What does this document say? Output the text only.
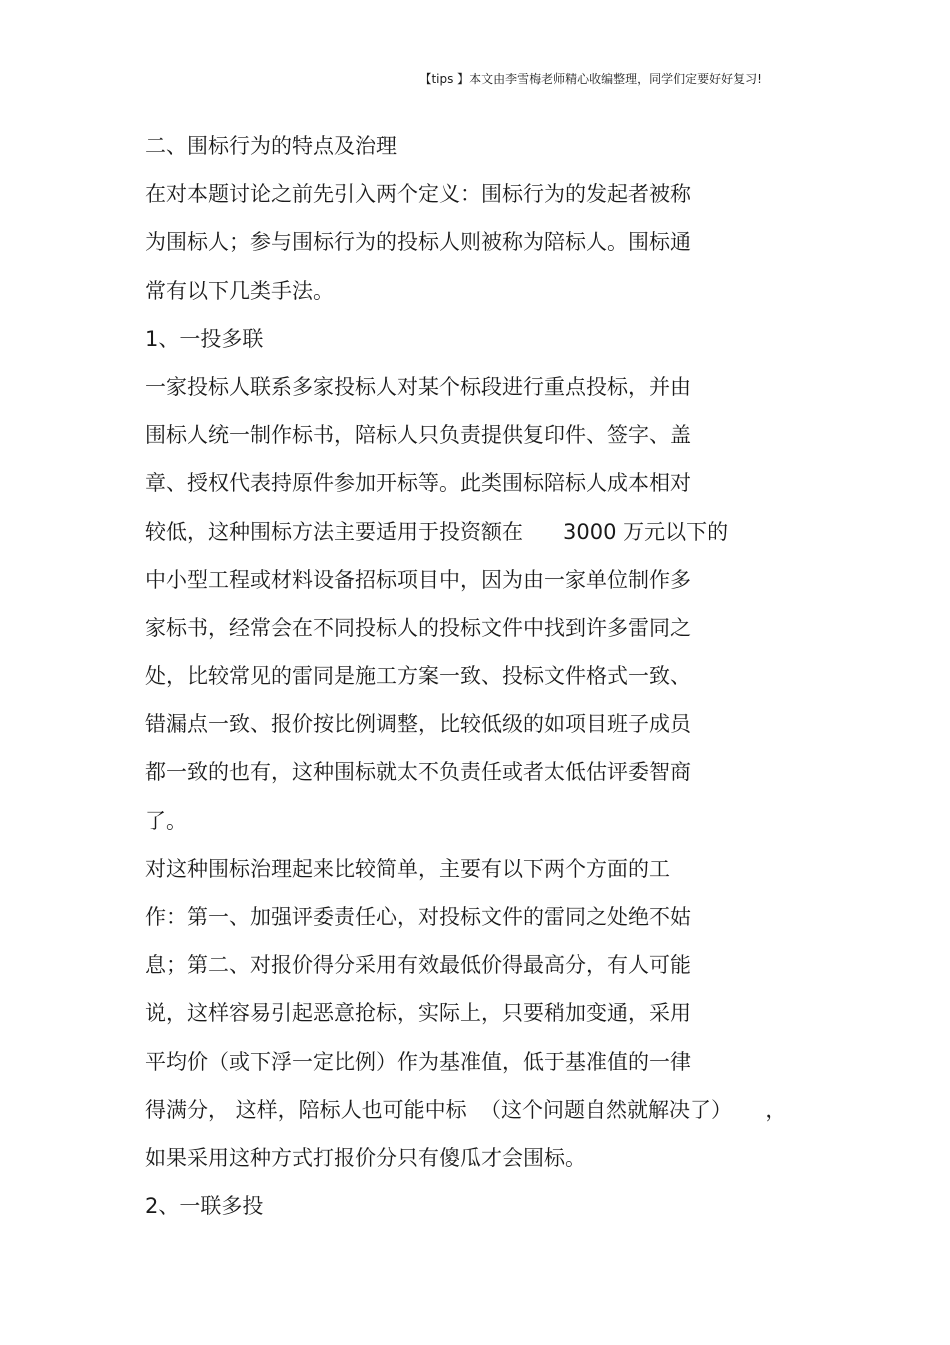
【tips 】本文由李雪梅老师精心收编整理，同学们定要好好复习!
二、围标行为的特点及治理
在对本题讨论之前先引入两个定义：围标行为的发起者被称
为围标人；参与围标行为的投标人则被称为陪标人。围标通
常有以下几类手法。
1、一投多联
一家投标人联系多家投标人对某个标段进行重点投标，并由
围标人统一制作标书，陪标人只负责提供复印件、签字、盖
章、授权代表持原件参加开标等。此类围标陪标人成本相对
较低，这种围标方法主要适用于投资额在      3000 万元以下的
中小型工程或材料设备招标项目中，因为由一家单位制作多
家标书，经常会在不同投标人的投标文件中找到许多雷同之
处，比较常见的雷同是施工方案一致、投标文件格式一致、
错漏点一致、报价按比例调整，比较低级的如项目班子成员
都一致的也有，这种围标就太不负责任或者太低估评委智商
了。
对这种围标治理起来比较简单，主要有以下两个方面的工
作：第一、加强评委责任心，对投标文件的雷同之处绝不姑
息；第二、对报价得分采用有效最低价得最高分，有人可能
说，这样容易引起恶意抢标，实际上，只要稍加变通，采用
平均价（或下浮一定比例）作为基准值，低于基准值的一律
得满分， 这样，陪标人也可能中标  （这个问题自然就解决了）     ，
如果采用这种方式打报价分只有傻瓜才会围标。
2、一联多投
